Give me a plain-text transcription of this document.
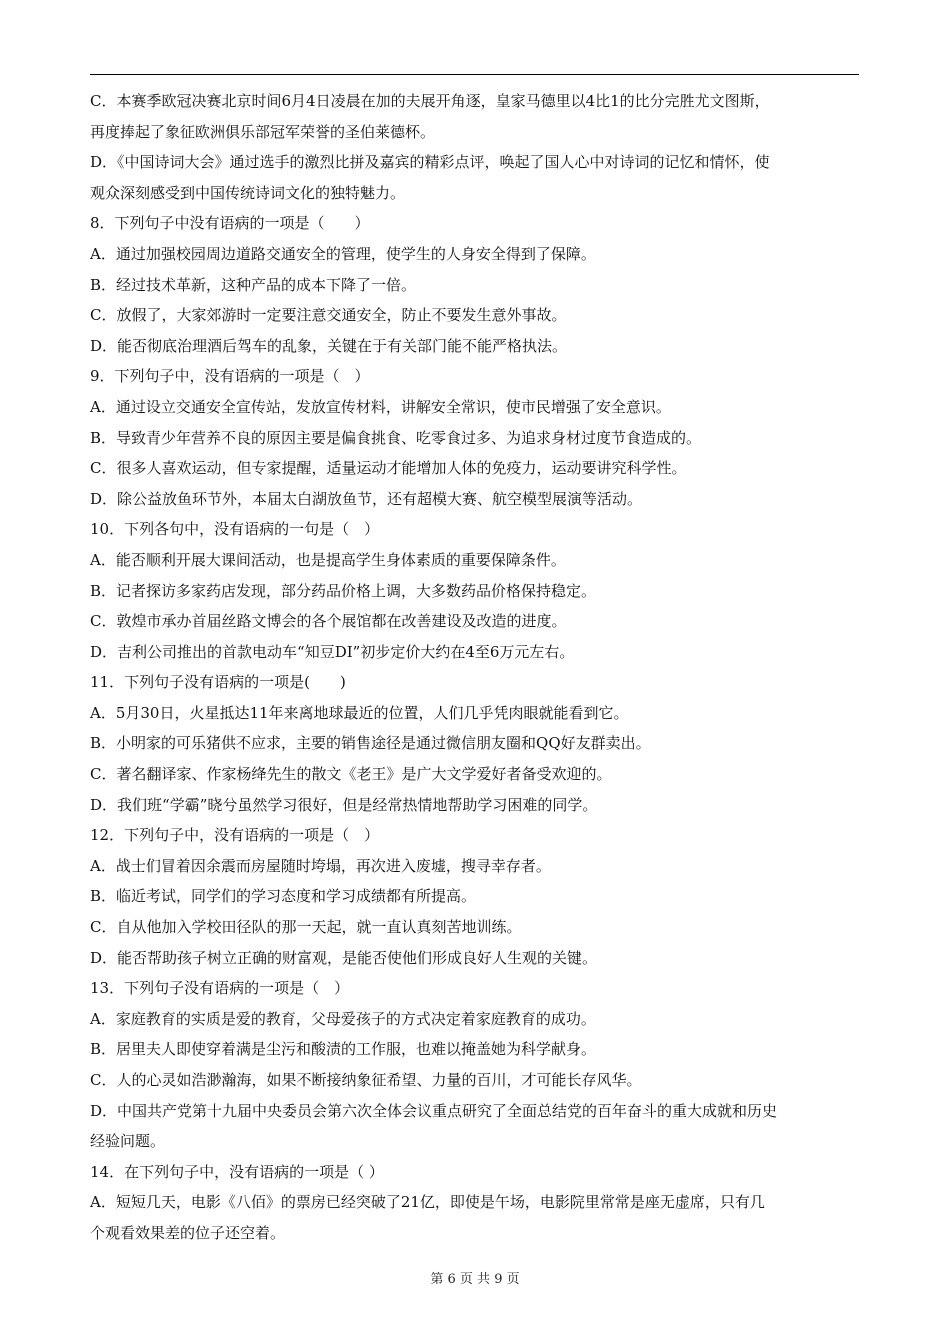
C．本赛季欧冠决赛北京时间6月4日凌晨在加的夫展开角逐，皇家马德里以4比1的比分完胜尤文图斯，
再度捧起了象征欧洲俱乐部冠军荣誉的圣伯莱德杯。
D．《中国诗词大会》通过选手的激烈比拼及嘉宾的精彩点评，唤起了国人心中对诗词的记忆和情怀，使
观众深刻感受到中国传统诗词文化的独特魅力。
8．下列句子中没有语病的一项是（　　）
A．通过加强校园周边道路交通安全的管理，使学生的人身安全得到了保障。
B．经过技术革新，这种产品的成本下降了一倍。
C．放假了，大家郊游时一定要注意交通安全，防止不要发生意外事故。
D．能否彻底治理酒后驾车的乱象，关键在于有关部门能不能严格执法。
9．下列句子中，没有语病的一项是（　）
A．通过设立交通安全宣传站，发放宣传材料，讲解安全常识，使市民增强了安全意识。
B．导致青少年营养不良的原因主要是偏食挑食、吃零食过多、为追求身材过度节食造成的。
C．很多人喜欢运动，但专家提醒，适量运动才能增加人体的免疫力，运动要讲究科学性。
D．除公益放鱼环节外，本届太白湖放鱼节，还有超模大赛、航空模型展演等活动。
10．下列各句中，没有语病的一句是（　）
A．能否顺利开展大课间活动，也是提高学生身体素质的重要保障条件。
B．记者探访多家药店发现，部分药品价格上调，大多数药品价格保持稳定。
C．敦煌市承办首届丝路文博会的各个展馆都在改善建设及改造的进度。
D．吉利公司推出的首款电动车“知豆DI”初步定价大约在4至6万元左右。
11．下列句子没有语病的一项是(　　)
A．5月30日，火星抵达11年来离地球最近的位置，人们几乎凭肉眼就能看到它。
B．小明家的可乐猪供不应求，主要的销售途径是通过微信朋友圈和QQ好友群卖出。
C．著名翻译家、作家杨绛先生的散文《老王》是广大文学爱好者备受欢迎的。
D．我们班“学霸”晓兮虽然学习很好，但是经常热情地帮助学习困难的同学。
12．下列句子中，没有语病的一项是（　）
A．战士们冒着因余震而房屋随时垮塌，再次进入废墟，搜寻幸存者。
B．临近考试，同学们的学习态度和学习成绩都有所提高。
C．自从他加入学校田径队的那一天起，就一直认真刻苦地训练。
D．能否帮助孩子树立正确的财富观，是能否使他们形成良好人生观的关键。
13．下列句子没有语病的一项是（　）
A．家庭教育的实质是爱的教育，父母爱孩子的方式决定着家庭教育的成功。
B．居里夫人即使穿着满是尘污和酸渍的工作服，也难以掩盖她为科学献身。
C．人的心灵如浩渺瀚海，如果不断接纳象征希望、力量的百川，才可能长存风华。
D．中国共产党第十九届中央委员会第六次全体会议重点研究了全面总结党的百年奋斗的重大成就和历史
经验问题。
14．在下列句子中，没有语病的一项是（ ）
A．短短几天，电影《八佰》的票房已经突破了21亿，即使是午场，电影院里常常是座无虚席，只有几
个观看效果差的位子还空着。
第 6 页 共 9 页
